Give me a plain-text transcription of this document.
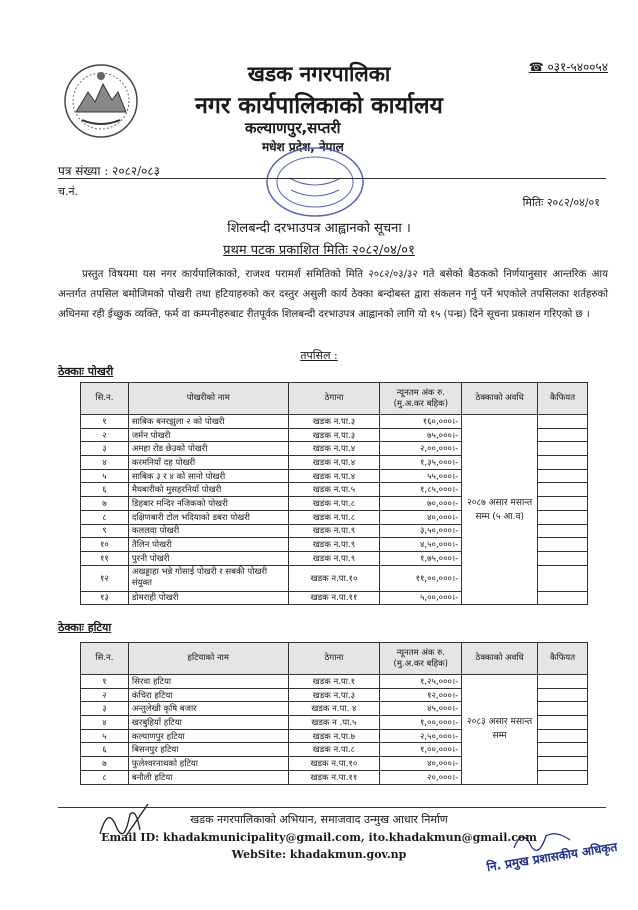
खडक नगरपालिका
नगर कार्यपालिकाको कार्यालय
कल्याणपुर,सप्तरी
मधेश प्रदेश, नेपाल
☎ ०३१-५४००५४
पत्र संख्या : २०८२/०८३
च.नं.
मितिः २०८२/०४/०१
शिलबन्दी दरभाउपत्र आह्वानको सूचना ।
प्रथम पटक प्रकाशित मितिः २०८२/०४/०१
प्रस्तुत विषयमा यस नगर कार्यपालिकाको, राजश्व परामर्श समितिको मिति २०८२/०३/३२ गते बसेको बैठकको निर्णयानुसार आन्तरिक आय अन्तर्गत तपसिल बमोजिमको पोखरी तथा हटियाहरुको कर दस्तुर असुली कार्य ठेक्का बन्दोबस्त द्वारा संकलन गर्नु पर्ने भएकोले तपसिलका शर्तहरुको अधिनमा रही ईच्छुक व्यक्ति, फर्म वा कम्पनीहरुबाट रीतपूर्वक शिलबन्दी दरभाउपत्र आह्वानको लागि यो १५ (पन्ध्र) दिने सूचना प्रकाशन गरिएको छ ।
तपसिल :
ठेक्काः पोखरी
सि.न.	पोखरीको नाम	ठेगाना	न्यूनतम अंक रु. (मु.अ.कर बहिक)	ठेक्काको अवधि	कैफियत
१	साबिक बनरझुला २ को पोखरी	खडक न.पा.३	१६०,०००।-	२०८७ असार मसान्त सम्म (५ आ.व)	
२	जर्मन पोखरी	खडक न.पा.३	७५,०००।-		
३	अमहा रोड छेउको पोखरी	खडक न.पा.४	२,००,०००।-		
४	करमनियाँ दह पोखरी	खडक न.पा.४	१,३५,०००।-		
५	साबिक ३ र ४ को सानो पोखरी	खडक न.पा.४	५५,०००।-		
६	मैघबारीको मुसहरनियाँ पोखरी	खडक न.पा.५	१,८५,०००।-		
७	डिहबार मन्दिर नजिकको पोखरी	खडक न.पा.८	७०,०००।-		
८	दक्षिणबारी टोल भदियाको डबरा पोखरी	खडक न.पा.८	४०,०००।-		
९	कललवा पोखरी	खडक न.पा.९	३,५०,०००।-		
१०	तैलिन पोखरी	खडक न.पा.९	४,५०,०००।-		
११	पुरनी पोखरी	खडक न.पा.९	१,७५,०००।-		
१२	अखड्डाहा भन्ने गोसाई पोखरी र सबकी पोखरी संयुक्त	खडक न.पा.१०	११,००,०००।-		
१३	डोमराही पोखरी	खडक न.पा.११	५,००,०००।-		
ठेक्काः हटिया
सि.न.	हटियाको नाम	ठेगाना	न्यूनतम अंक रु. (मु.अ.कर बहिक)	ठेक्काको अवधि	कैफियत
१	सिरवा हटिया	खडक न.पा.१	१,२५,०००।-	२०८३ असार मसान्त सम्म	
२	कंचिरा हटिया	खडक न.पा.३	१२,०००।-		
३	अन्तुलेखी कृषि बजार	खडक न.पा. ४	४५,०००।-		
४	खरबुहियाँ हटिया	खडक न .पा.५	१,००,०००।-		
५	कल्याणपुर हटिया	खडक न.पा.७	२,५०,०००।-		
६	बिसनपुर हटिया	खडक न.पा.८	१,००,०००।-		
७	फुलेश्वरनाथको हटिया	खडक न.पा.१०	४०,०००।-		
८	बनौली हटिया	खडक न.पा.११	२०,०००।-		
खडक नगरपालिकाको अभियान, समाजवाद उन्मुख आधार निर्माण
Email ID: khadakmunicipality@gmail.com, ito.khadakmun@gmail.com
WebSite: khadakmun.gov.np	नि. प्रमुख प्रशासकीय अधिकृत
